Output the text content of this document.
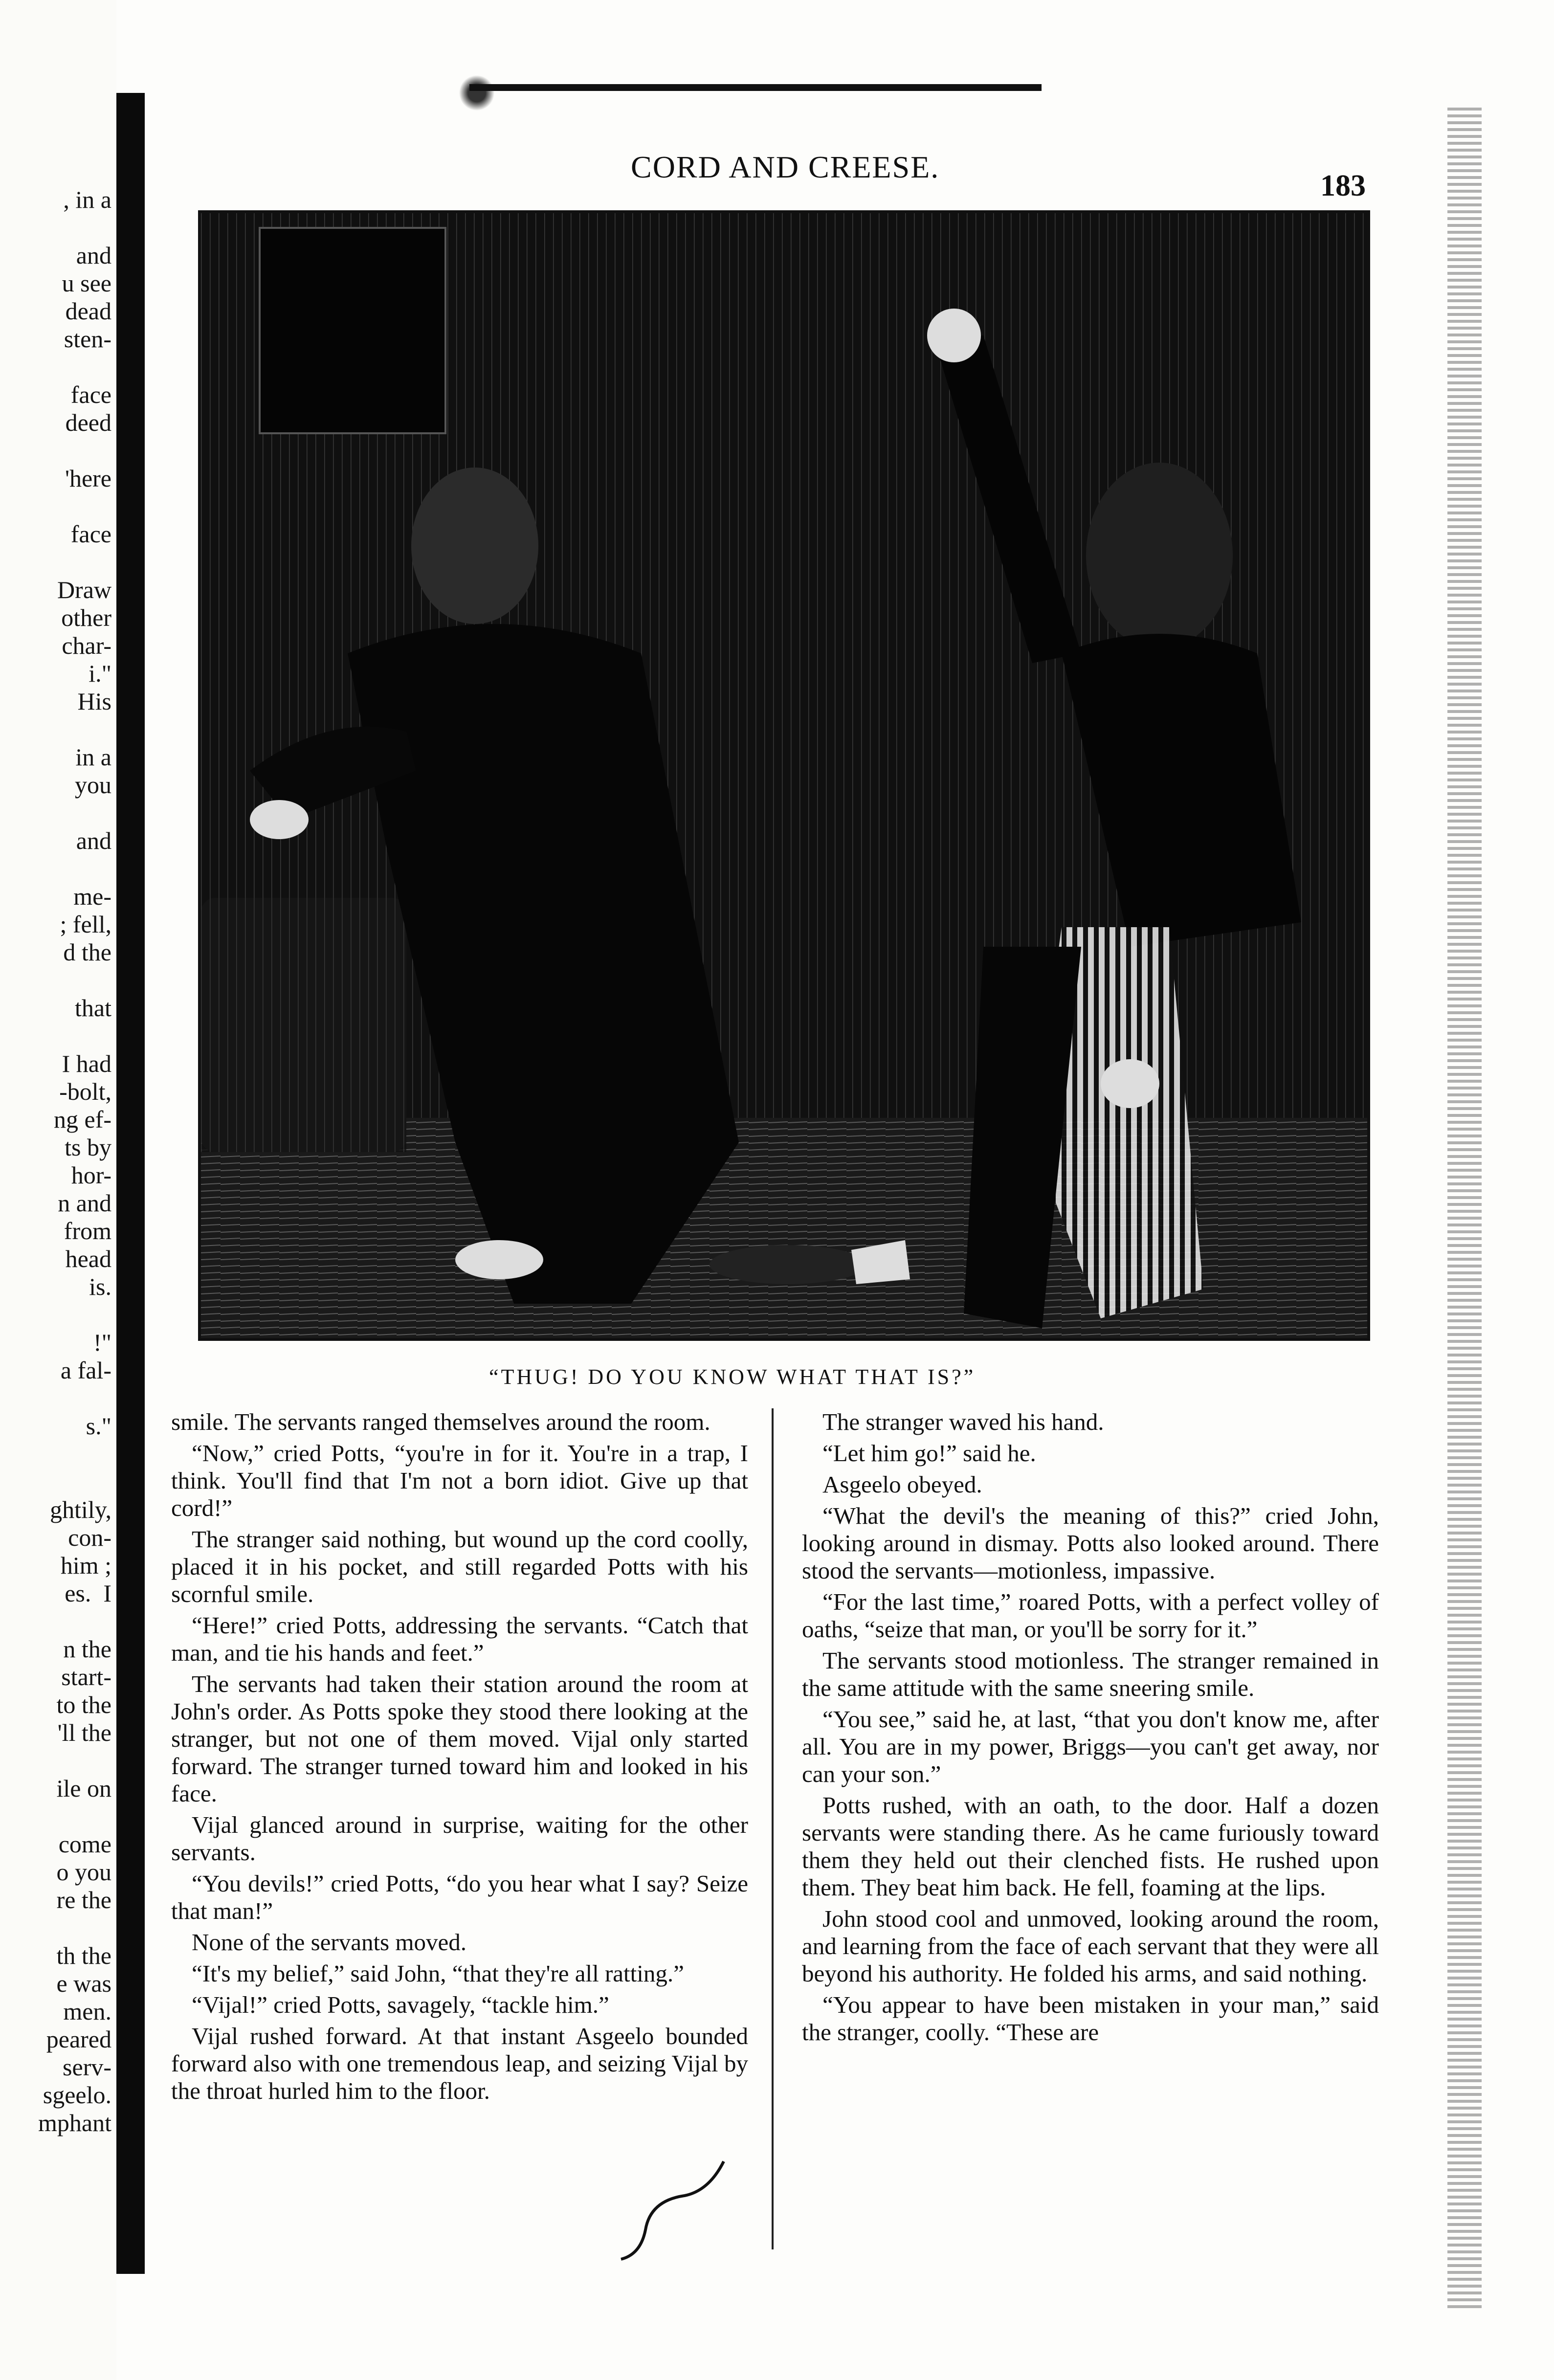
, in a

and
u see
dead
sten-

face
deed

'here

face

Draw
other
char-
i."
His

in a
you

and

me-
; fell,
d the

that

I had
-bolt,
ng ef-
ts by
hor-
n and
from
head
is.

!"
a fal-

s."

ghtily,
con-
him ;
es.  I

n the
start-
to the
'll the

ile on

come
o you
re the

th the
e was
men.
peared
serv-
sgeelo.
mphant
CORD AND CREESE.
183
“THUG! DO YOU KNOW WHAT THAT IS?”

smile. The servants ranged themselves around the room.

“Now,” cried Potts, “you're in for it. You're in a trap, I think. You'll find that I'm not a born idiot. Give up that cord!”

The stranger said nothing, but wound up the cord coolly, placed it in his pocket, and still regarded Potts with his scornful smile.

“Here!” cried Potts, addressing the servants. “Catch that man, and tie his hands and feet.”

The servants had taken their station around the room at John's order. As Potts spoke they stood there looking at the stranger, but not one of them moved. Vijal only started forward. The stranger turned toward him and looked in his face.

Vijal glanced around in surprise, waiting for the other servants.

“You devils!” cried Potts, “do you hear what I say? Seize that man!”

None of the servants moved.

“It's my belief,” said John, “that they're all ratting.”

“Vijal!” cried Potts, savagely, “tackle him.”

Vijal rushed forward. At that instant Asgeelo bounded forward also with one tremendous leap, and seizing Vijal by the throat hurled him to the floor.

The stranger waved his hand.

“Let him go!” said he.

Asgeelo obeyed.

“What the devil's the meaning of this?” cried John, looking around in dismay. Potts also looked around. There stood the servants—motionless, impassive.

“For the last time,” roared Potts, with a perfect volley of oaths, “seize that man, or you'll be sorry for it.”

The servants stood motionless. The stranger remained in the same attitude with the same sneering smile.

“You see,” said he, at last, “that you don't know me, after all. You are in my power, Briggs—you can't get away, nor can your son.”

Potts rushed, with an oath, to the door. Half a dozen servants were standing there. As he came furiously toward them they held out their clenched fists. He rushed upon them. They beat him back. He fell, foaming at the lips.

John stood cool and unmoved, looking around the room, and learning from the face of each servant that they were all beyond his authority. He folded his arms, and said nothing.

“You appear to have been mistaken in your man,” said the stranger, coolly. “These are
